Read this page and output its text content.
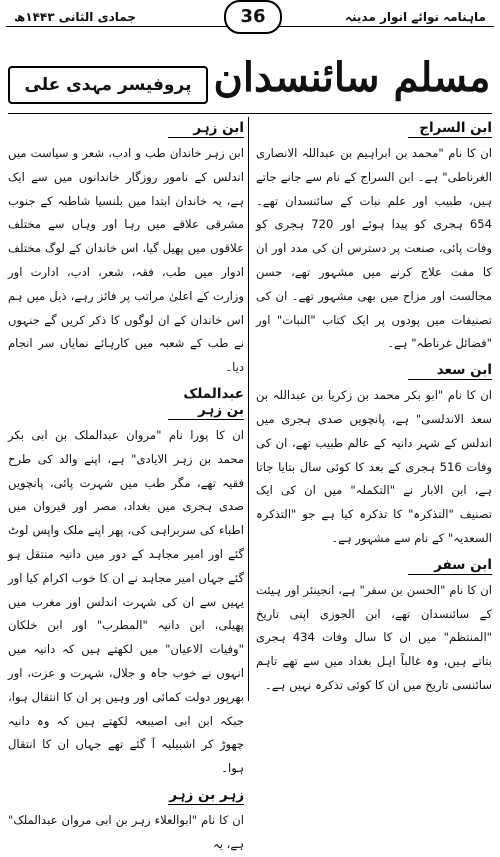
جمادی الثانی ۱۴۴۳ھ	ماہنامہ نوائے انوار مدینہ
36
مسلم سائنسدان
پروفیسر مہدی علی
ابن السراج

ان کا نام "محمد بن ابراہیم بن عبداللہ الانصاری الغرناطی" ہے۔ ابن السراج کے نام سے جانے جاتے ہیں، طبیب اور علم نبات کے سائنسدان تھے۔ 654 ہجری کو پیدا ہوئے اور 720 ہجری کو وفات پائی، صنعت پر دسترس ان کی مدد اور ان کا مفت علاج کرنے میں مشہور تھے، حسن مجالست اور مزاح میں بھی مشہور تھے۔ ان کی تصنیفات میں پودوں پر ایک کتاب "النبات" اور "فضائل غرناطہ" ہے۔

ابن سعد

ان کا نام "ابو بکر محمد بن زکریا بن عبداللہ بن سعد الاندلسی" ہے، پانچویں صدی ہجری میں اندلس کے شہر دانیہ کے عالم طبیب تھے، ان کی وفات 516 ہجری کے بعد کا کوئی سال بتایا جاتا ہے، ابن الابار نے "التکملہ" میں ان کی ایک تصنیف "التذکرہ" کا تذکرہ کیا ہے جو "التذکرہ السعدیہ" کے نام سے مشہور ہے۔

ابن سفر

ان کا نام "الحسن بن سفر" ہے، انجینئر اور ہیئت کے سائنسدان تھے، ابن الجوزی اپنی تاریخ "المنتظم" میں ان کا سال وفات 434 ہجری بتاتے ہیں، وہ غالباً اہل بغداد میں سے تھے تاہم سائنسی تاریخ میں ان کا کوئی تذکرہ نہیں ہے۔

ابن زہر

ابن زہر خاندان طب و ادب، شعر و سیاست میں اندلس کے نامور روزگار خاندانوں میں سے ایک ہے، یہ خاندان ابتدا میں بلنسیا شاطبہ کے جنوب مشرقی علاقے میں رہا اور وہاں سے مختلف علاقوں میں پھیل گیا، اس خاندان کے لوگ مختلف ادوار میں طب، فقہ، شعر، ادب، ادارت اور وزارت کے اعلیٰ مراتب پر فائز رہے، ذیل میں ہم اس خاندان کے ان لوگوں کا ذکر کریں گے جنہوں نے طب کے شعبہ میں کارہائے نمایاں سر انجام دیا۔

عبدالملک بن زہر

ان کا پورا نام "مروان عبدالملک بن ابی بکر محمد بن زہر الایادی" ہے، اپنے والد کی طرح فقیہ تھے، مگر طب میں شہرت پائی، پانچویں صدی ہجری میں بغداد، مصر اور قیروان میں اطباء کی سربراہی کی، پھر اپنے ملک واپس لوٹ گئے اور امیر مجاہد کے دور میں دانیہ منتقل ہو گئے جہاں امیر مجاہد نے ان کا خوب اکرام کیا اور یہیں سے ان کی شہرت اندلس اور مغرب میں پھیلی، ابن دانیہ "المطرب" اور ابن خلکان "وفیات الاعیان" میں لکھتے ہیں کہ دانیہ میں انہوں نے خوب جاہ و جلال، شہرت و عزت، اور بھرپور دولت کمائی اور وہیں پر ان کا انتقال ہوا، جبکہ ابن ابی اصیبعہ لکھتے ہیں کہ وہ دانیہ چھوڑ کر اشبیلیہ آ گئے تھے جہاں ان کا انتقال ہوا۔

زہر بن زہر

ان کا نام "ابوالعلاء زہر بن ابی مروان عبدالملک" ہے، یہ
